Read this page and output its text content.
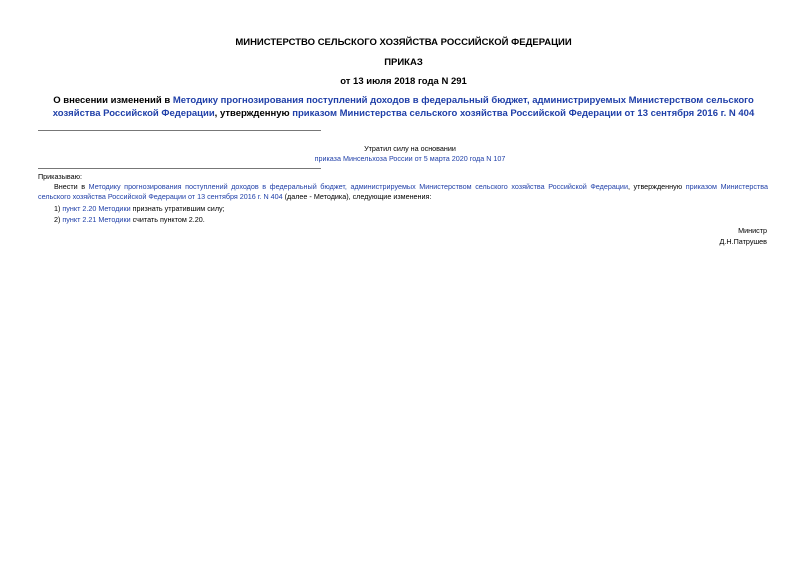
МИНИСТЕРСТВО СЕЛЬСКОГО ХОЗЯЙСТВА РОССИЙСКОЙ ФЕДЕРАЦИИ
ПРИКАЗ
от 13 июля 2018 года N 291
О внесении изменений в Методику прогнозирования поступлений доходов в федеральный бюджет, администрируемых Министерством сельского хозяйства Российской Федерации, утвержденную приказом Министерства сельского хозяйства Российской Федерации от 13 сентября 2016 г. N 404
Утратил силу на основании
приказа Минсельхоза России от 5 марта 2020 года N 107

Приказываю:

Внести в Методику прогнозирования поступлений доходов в федеральный бюджет, администрируемых Министерством сельского хозяйства Российской Федерации, утвержденную приказом Министерства сельского хозяйства Российской Федерации от 13 сентября 2016 г. N 404 (далее - Методика), следующие изменения:

1) пункт 2.20 Методики признать утратившим силу;
2) пункт 2.21 Методики считать пунктом 2.20.
Министр
Д.Н.Патрушев
